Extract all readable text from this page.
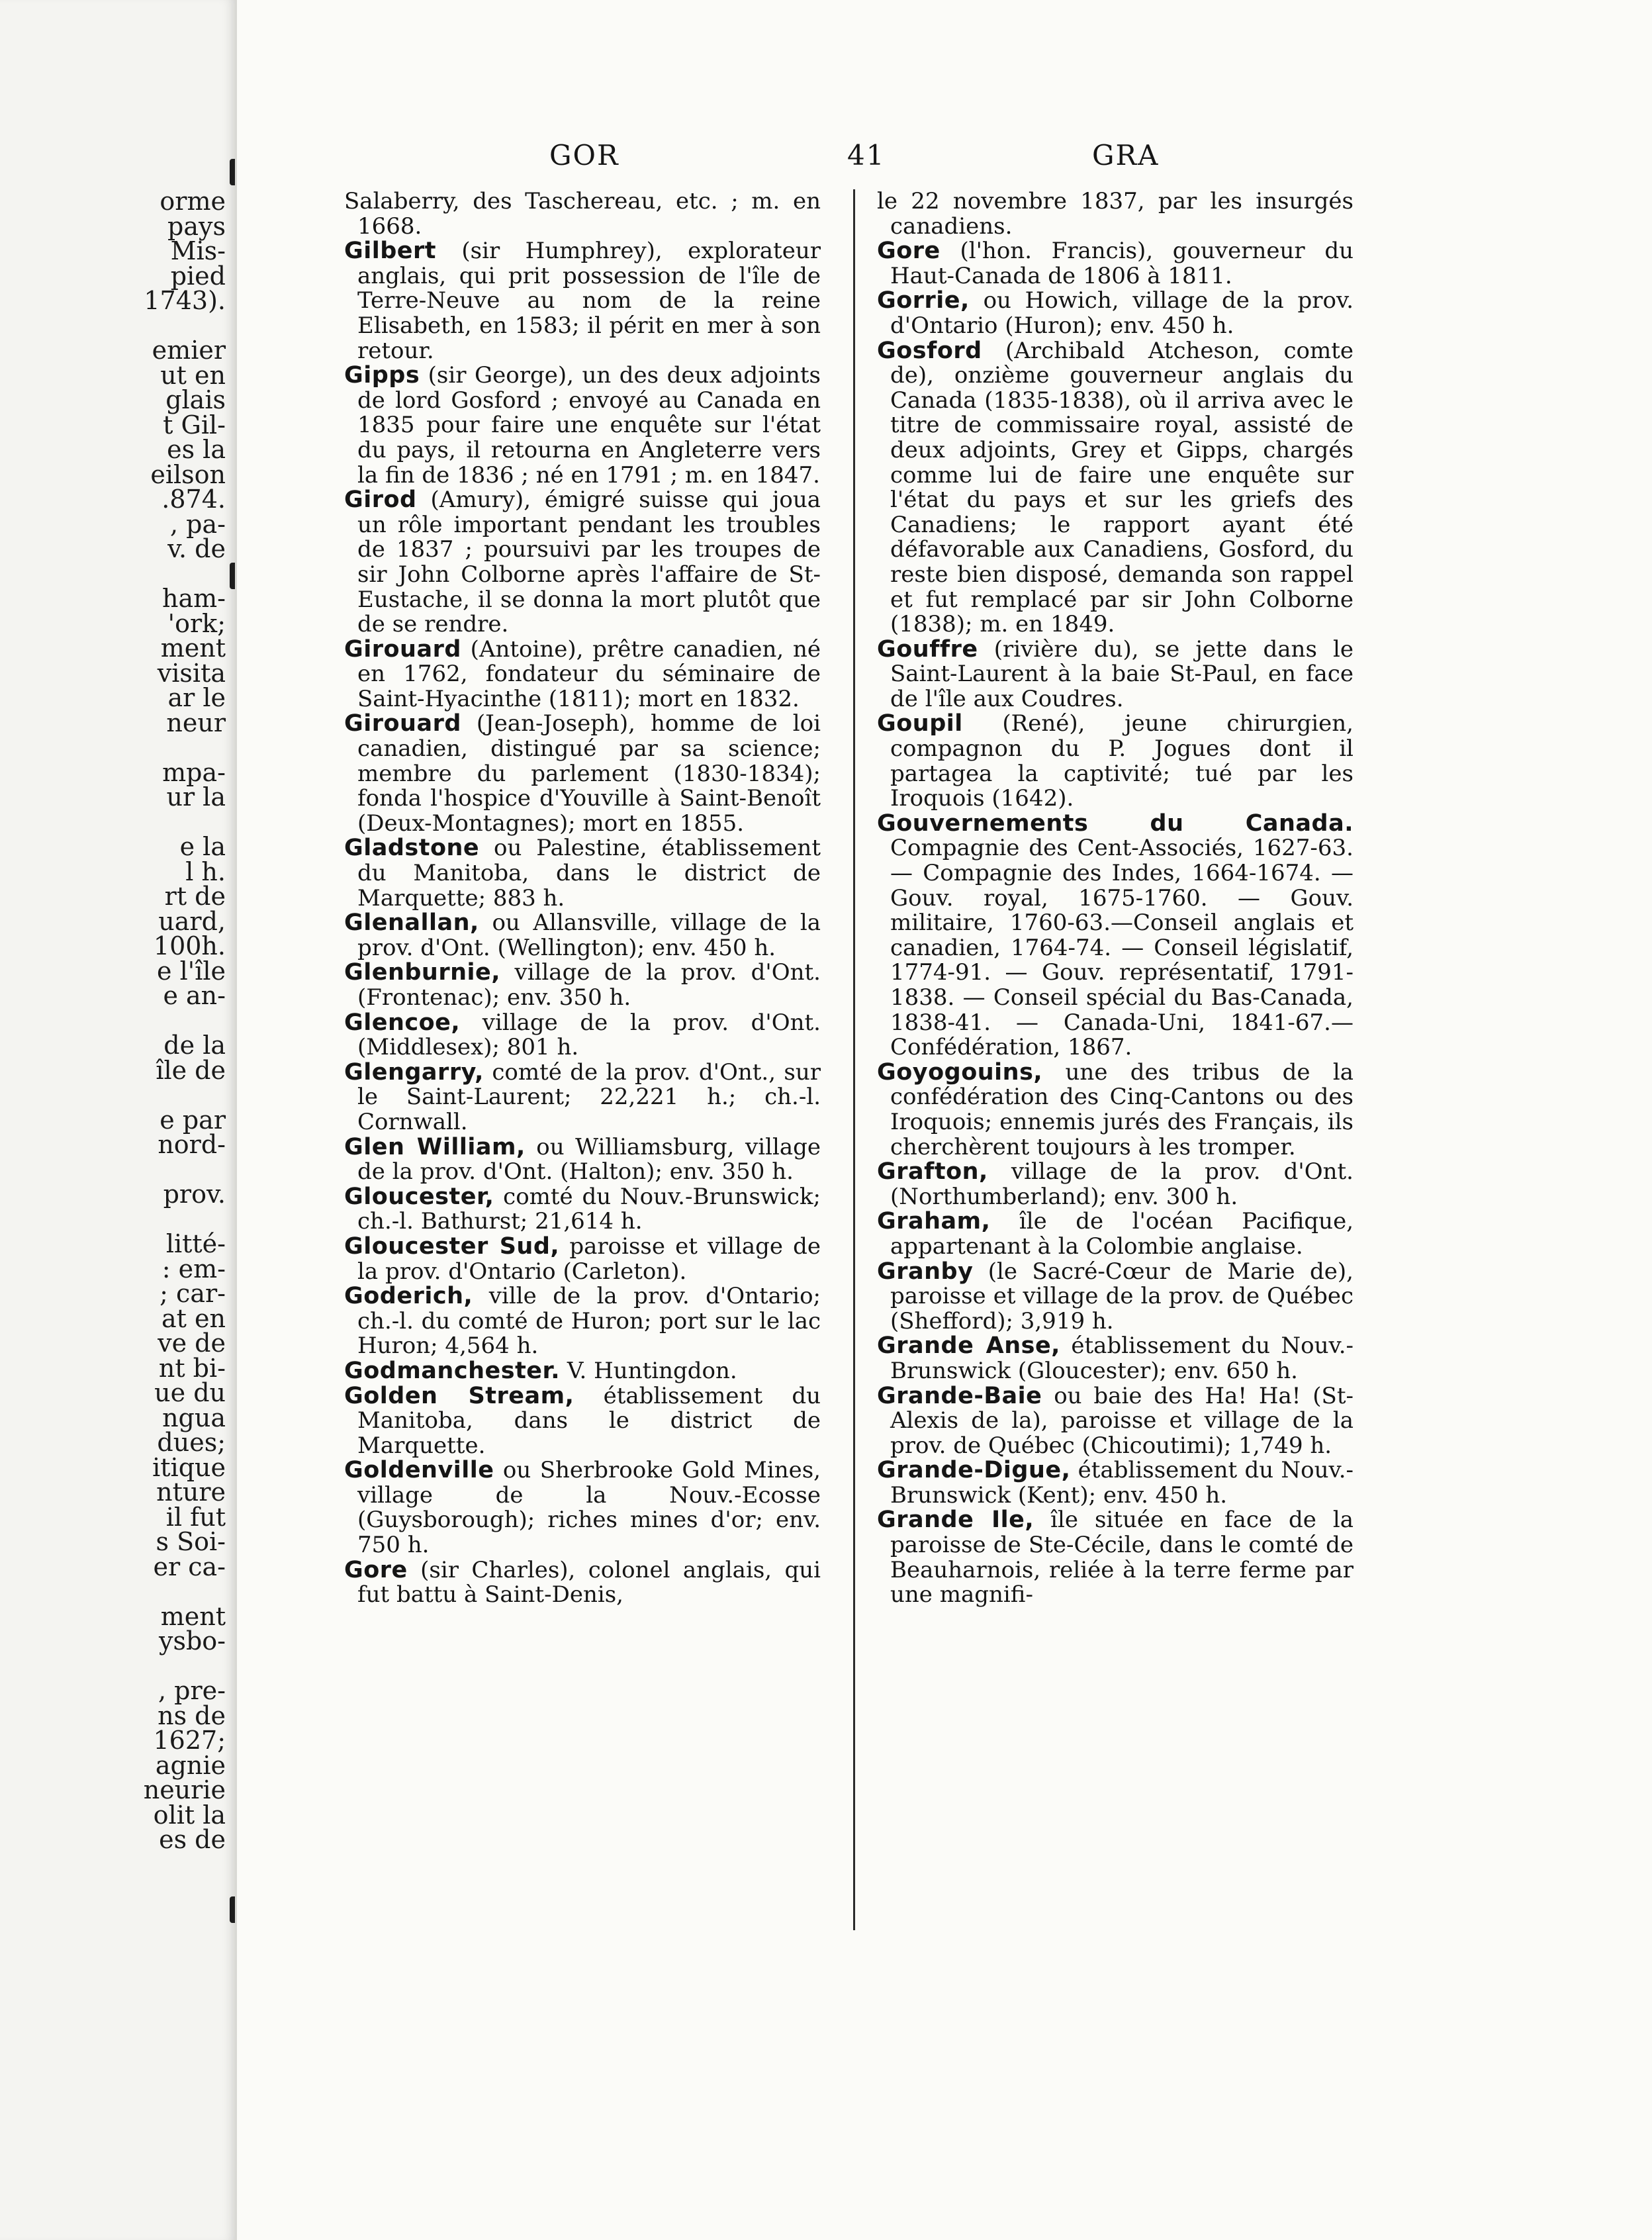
orme
pays
Mis-
pied
1743).
emier
ut en
glais
t Gil-
es la
eilson
.874.
, pa-
v. de
ham-
'ork;
ment
visita
ar le
neur
mpa-
ur la
e la
l h.
rt de
uard,
100h.
e l'île
e an-
de la
île de
e par
nord-
prov.
litté-
: em-
; car-
at en
ve de
nt bi-
ue du
ngua
dues;
itique
nture
il fut
s Soi-
er ca-
ment
ysbo-
, pre-
ns de
1627;
agnie
neurie
olit la
es de
GOR	41	GRA

Salaberry, des Taschereau, etc. ; m. en 1668.

Gilbert (sir Humphrey), explorateur anglais, qui prit possession de l'île de Terre-Neuve au nom de la reine Elisabeth, en 1583; il périt en mer à son retour.

Gipps (sir George), un des deux adjoints de lord Gosford ; envoyé au Canada en 1835 pour faire une enquête sur l'état du pays, il retourna en Angleterre vers la fin de 1836 ; né en 1791 ; m. en 1847.

Girod (Amury), émigré suisse qui joua un rôle important pendant les troubles de 1837 ; poursuivi par les troupes de sir John Colborne après l'affaire de St-Eustache, il se donna la mort plutôt que de se rendre.

Girouard (Antoine), prêtre canadien, né en 1762, fondateur du séminaire de Saint-Hyacinthe (1811); mort en 1832.

Girouard (Jean-Joseph), homme de loi canadien, distingué par sa science; membre du parlement (1830-1834); fonda l'hospice d'Youville à Saint-Benoît (Deux-Montagnes); mort en 1855.

Gladstone ou Palestine, établissement du Manitoba, dans le district de Marquette; 883 h.

Glenallan, ou Allansville, village de la prov. d'Ont. (Wellington); env. 450 h.

Glenburnie, village de la prov. d'Ont. (Frontenac); env. 350 h.

Glencoe, village de la prov. d'Ont. (Middlesex); 801 h.

Glengarry, comté de la prov. d'Ont., sur le Saint-Laurent; 22,221 h.; ch.-l. Cornwall.

Glen William, ou Williamsburg, village de la prov. d'Ont. (Halton); env. 350 h.

Gloucester, comté du Nouv.-Brunswick; ch.-l. Bathurst; 21,614 h.

Gloucester Sud, paroisse et village de la prov. d'Ontario (Carleton).

Goderich, ville de la prov. d'Ontario; ch.-l. du comté de Huron; port sur le lac Huron; 4,564 h.

Godmanchester. V. Huntingdon.

Golden Stream, établissement du Manitoba, dans le district de Marquette.

Goldenville ou Sherbrooke Gold Mines, village de la Nouv.-Ecosse (Guysborough); riches mines d'or; env. 750 h.

Gore (sir Charles), colonel anglais, qui fut battu à Saint-Denis,

le 22 novembre 1837, par les insurgés canadiens.

Gore (l'hon. Francis), gouverneur du Haut-Canada de 1806 à 1811.

Gorrie, ou Howich, village de la prov. d'Ontario (Huron); env. 450 h.

Gosford (Archibald Atcheson, comte de), onzième gouverneur anglais du Canada (1835-1838), où il arriva avec le titre de commissaire royal, assisté de deux adjoints, Grey et Gipps, chargés comme lui de faire une enquête sur l'état du pays et sur les griefs des Canadiens; le rapport ayant été défavorable aux Canadiens, Gosford, du reste bien disposé, demanda son rappel et fut remplacé par sir John Colborne (1838); m. en 1849.

Gouffre (rivière du), se jette dans le Saint-Laurent à la baie St-Paul, en face de l'île aux Coudres.

Goupil (René), jeune chirurgien, compagnon du P. Jogues dont il partagea la captivité; tué par les Iroquois (1642).

Gouvernements du Canada. Compagnie des Cent-Associés, 1627-63. — Compagnie des Indes, 1664-1674. — Gouv. royal, 1675-1760. — Gouv. militaire, 1760-63.—Conseil anglais et canadien, 1764-74. — Conseil législatif, 1774-91. — Gouv. représentatif, 1791-1838. — Conseil spécial du Bas-Canada, 1838-41. — Canada-Uni, 1841-67.—Confédération, 1867.

Goyogouins, une des tribus de la confédération des Cinq-Cantons ou des Iroquois; ennemis jurés des Français, ils cherchèrent toujours à les tromper.

Grafton, village de la prov. d'Ont. (Northumberland); env. 300 h.

Graham, île de l'océan Pacifique, appartenant à la Colombie anglaise.

Granby (le Sacré-Cœur de Marie de), paroisse et village de la prov. de Québec (Shefford); 3,919 h.

Grande Anse, établissement du Nouv.-Brunswick (Gloucester); env. 650 h.

Grande-Baie ou baie des Ha! Ha! (St-Alexis de la), paroisse et village de la prov. de Québec (Chicoutimi); 1,749 h.

Grande-Digue, établissement du Nouv.-Brunswick (Kent); env. 450 h.

Grande Ile, île située en face de la paroisse de Ste-Cécile, dans le comté de Beauharnois, reliée à la terre ferme par une magnifi-
